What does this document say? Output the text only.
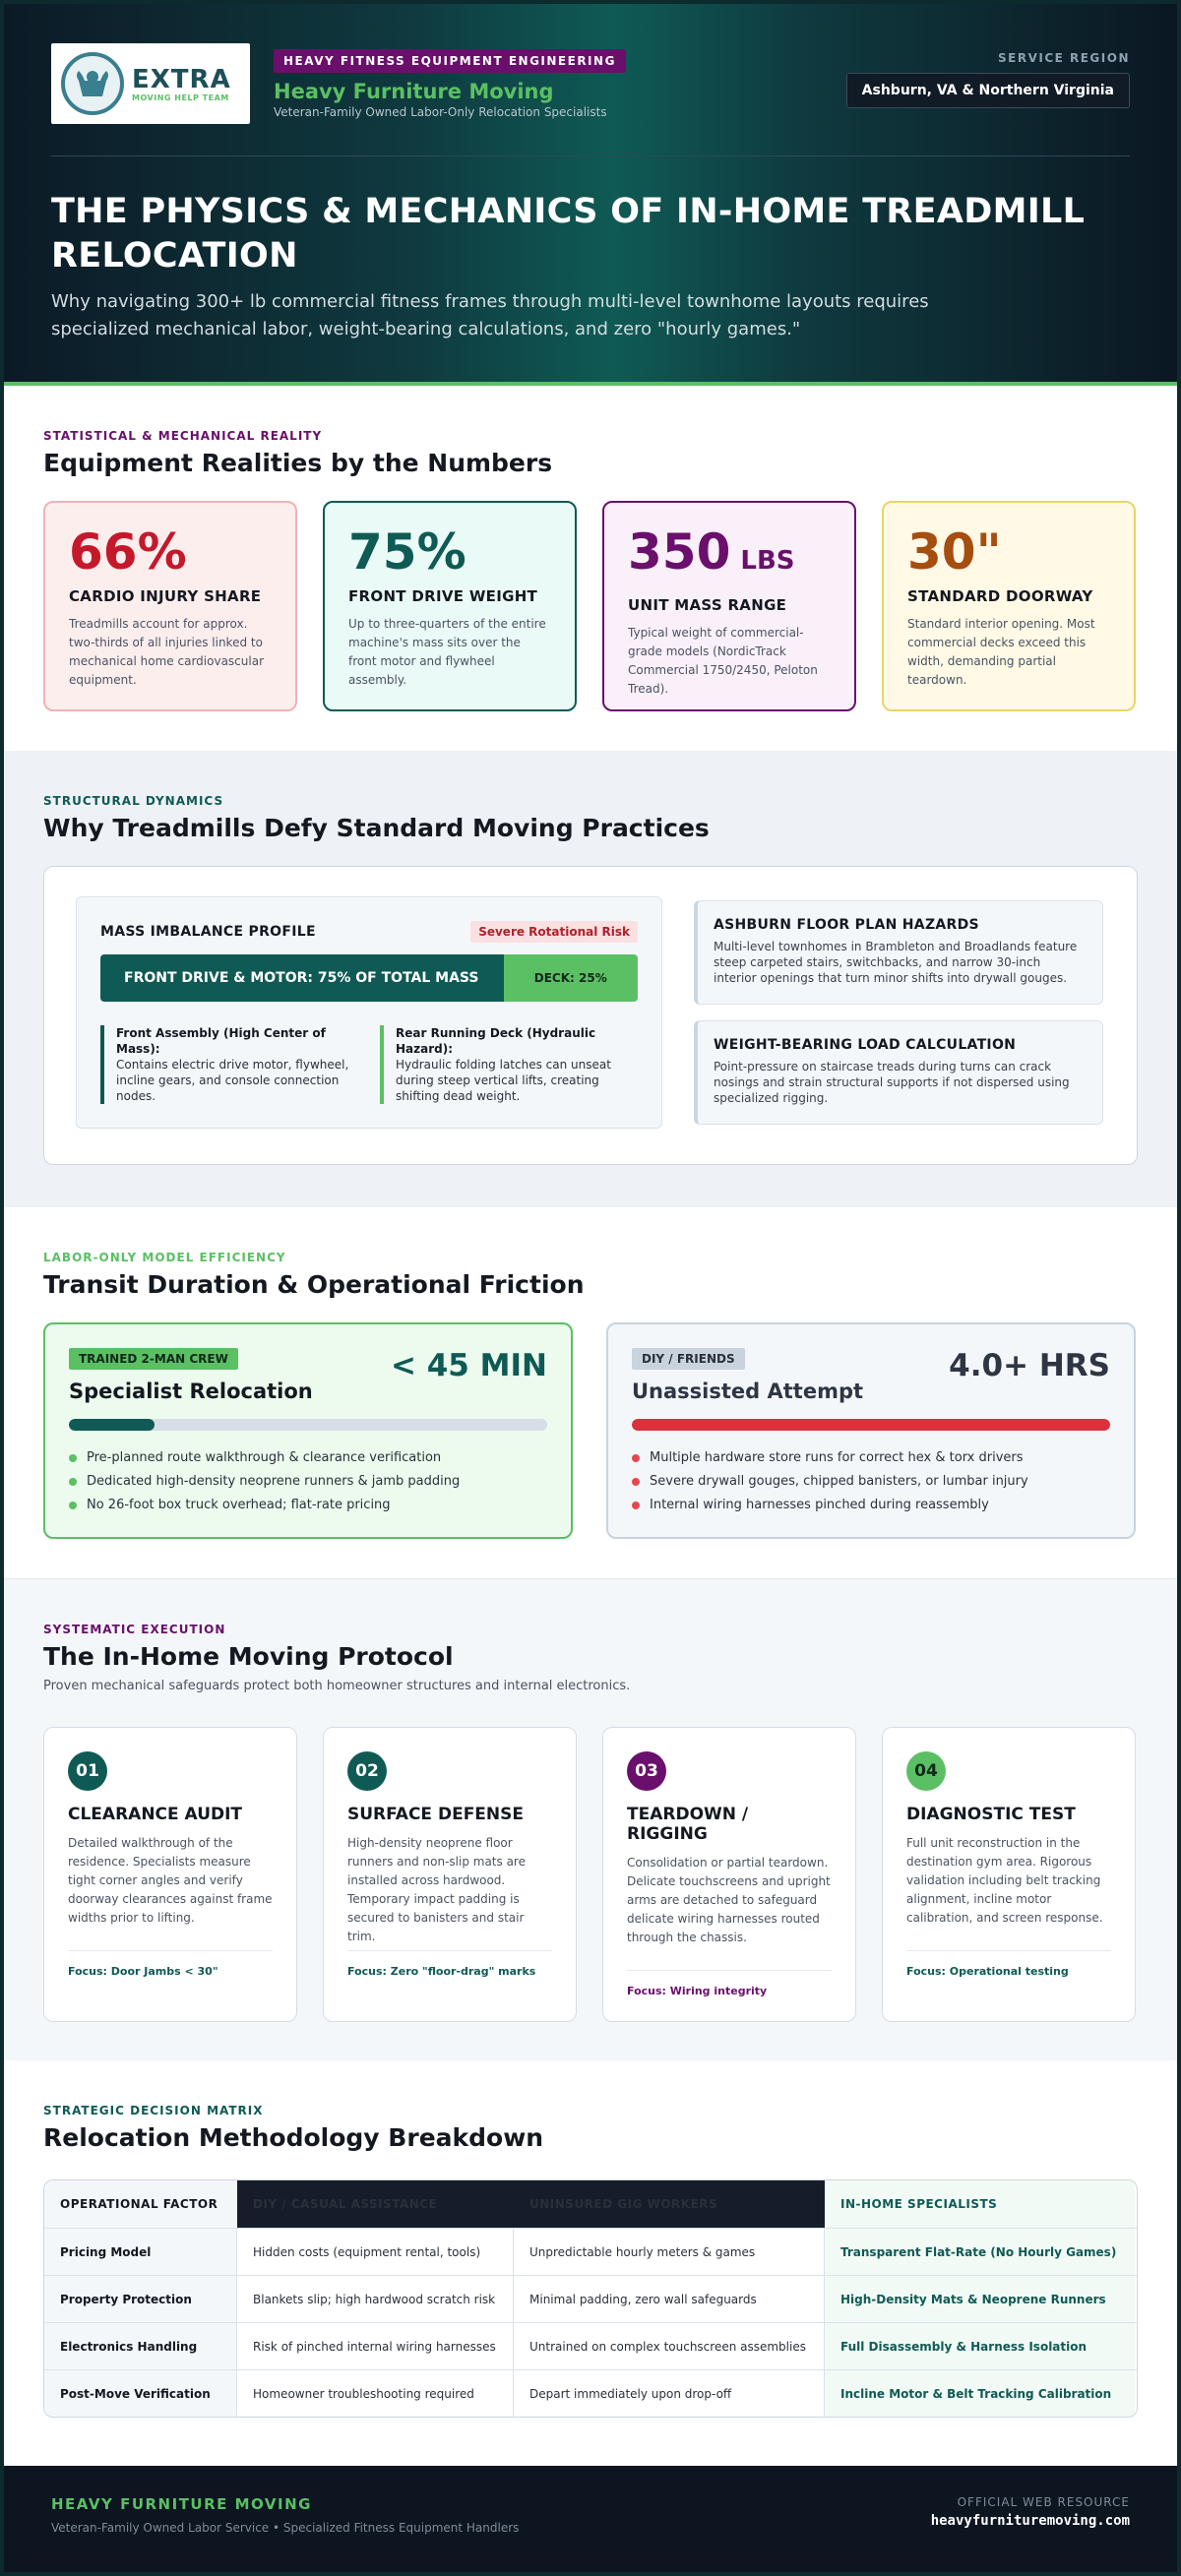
EXTRA
MOVING HELP TEAM
HEAVY FITNESS EQUIPMENT ENGINEERING
Heavy Furniture Moving
Veteran-Family Owned Labor-Only Relocation Specialists
SERVICE REGION
Ashburn, VA & Northern Virginia
THE PHYSICS & MECHANICS OF IN-HOME TREADMILL RELOCATION

Why navigating 300+ lb commercial fitness frames through multi-level townhome layouts requires specialized mechanical labor, weight-bearing calculations, and zero "hourly games."

STATISTICAL & MECHANICAL REALITY
Equipment Realities by the Numbers
66%
CARDIO INJURY SHARE
Treadmills account for approx. two-thirds of all injuries linked to mechanical home cardiovascular equipment.
75%
FRONT DRIVE WEIGHT
Up to three-quarters of the entire machine's mass sits over the front motor and flywheel assembly.
350 LBS
UNIT MASS RANGE
Typical weight of commercial-grade models (NordicTrack Commercial 1750/2450, Peloton Tread).
30"
STANDARD DOORWAY
Standard interior opening. Most commercial decks exceed this width, demanding partial teardown.
STRUCTURAL DYNAMICS
Why Treadmills Defy Standard Moving Practices
MASS IMBALANCE PROFILE	Severe Rotational Risk
FRONT DRIVE & MOTOR: 75% OF TOTAL MASS	DECK: 25%
Front Assembly (High Center of Mass):
Contains electric drive motor, flywheel, incline gears, and console connection nodes.
Rear Running Deck (Hydraulic Hazard):
Hydraulic folding latches can unseat during steep vertical lifts, creating shifting dead weight.
ASHBURN FLOOR PLAN HAZARDS
Multi-level townhomes in Brambleton and Broadlands feature steep carpeted stairs, switchbacks, and narrow 30-inch interior openings that turn minor shifts into drywall gouges.
WEIGHT-BEARING LOAD CALCULATION
Point-pressure on staircase treads during turns can crack nosings and strain structural supports if not dispersed using specialized rigging.
LABOR-ONLY MODEL EFFICIENCY
Transit Duration & Operational Friction
TRAINED 2-MAN CREW
Specialist Relocation
< 45 MIN
Pre-planned route walkthrough & clearance verification
Dedicated high-density neoprene runners & jamb padding
No 26-foot box truck overhead; flat-rate pricing
DIY / FRIENDS
Unassisted Attempt
4.0+ HRS
Multiple hardware store runs for correct hex & torx drivers
Severe drywall gouges, chipped banisters, or lumbar injury
Internal wiring harnesses pinched during reassembly
SYSTEMATIC EXECUTION
The In-Home Moving Protocol

Proven mechanical safeguards protect both homeowner structures and internal electronics.

01
CLEARANCE AUDIT
Detailed walkthrough of the residence. Specialists measure tight corner angles and verify doorway clearances against frame widths prior to lifting.
Focus: Door Jambs < 30"
02
SURFACE DEFENSE
High-density neoprene floor runners and non-slip mats are installed across hardwood. Temporary impact padding is secured to banisters and stair trim.
Focus: Zero "floor-drag" marks
03
TEARDOWN / RIGGING
Consolidation or partial teardown. Delicate touchscreens and upright arms are detached to safeguard delicate wiring harnesses routed through the chassis.
Focus: Wiring integrity
04
DIAGNOSTIC TEST
Full unit reconstruction in the destination gym area. Rigorous validation including belt tracking alignment, incline motor calibration, and screen response.
Focus: Operational testing
STRATEGIC DECISION MATRIX
Relocation Methodology Breakdown
OPERATIONAL FACTOR	DIY / CASUAL ASSISTANCE	UNINSURED GIG WORKERS	IN-HOME SPECIALISTS
Pricing Model	Hidden costs (equipment rental, tools)	Unpredictable hourly meters & games	Transparent Flat-Rate (No Hourly Games)
Property Protection	Blankets slip; high hardwood scratch risk	Minimal padding, zero wall safeguards	High-Density Mats & Neoprene Runners
Electronics Handling	Risk of pinched internal wiring harnesses	Untrained on complex touchscreen assemblies	Full Disassembly & Harness Isolation
Post-Move Verification	Homeowner troubleshooting required	Depart immediately upon drop-off	Incline Motor & Belt Tracking Calibration
HEAVY FURNITURE MOVING
Veteran-Family Owned Labor Service • Specialized Fitness Equipment Handlers
OFFICIAL WEB RESOURCE
heavyfurnituremoving.com
